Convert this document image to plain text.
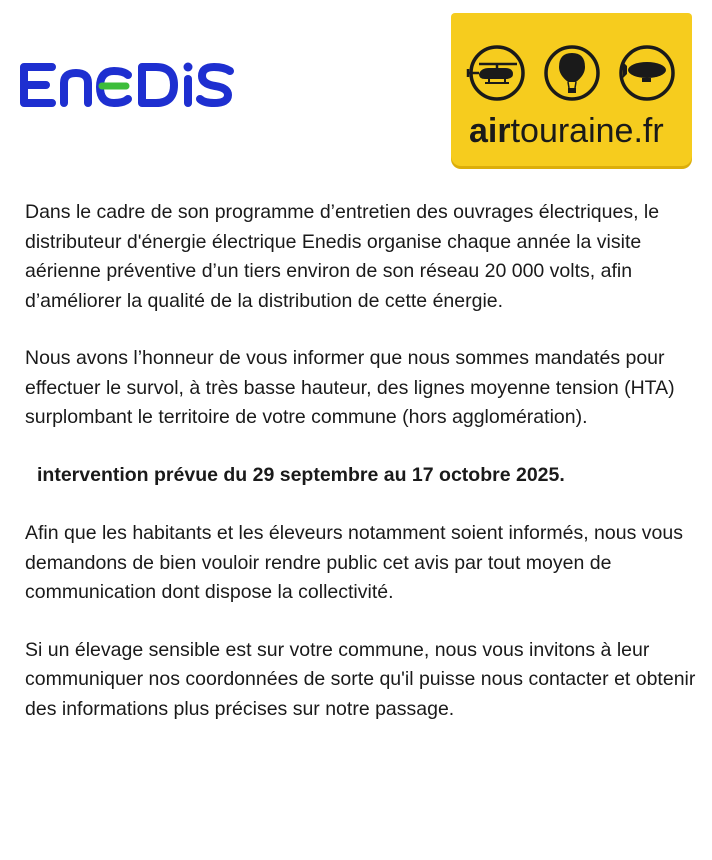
airtouraine.fr

Dans le cadre de son programme d’entretien des ouvrages électriques, le distributeur d'énergie électrique Enedis organise chaque année la visite aérienne préventive d’un tiers environ de son réseau 20 000 volts, afin d’améliorer la qualité de la distribution de cette énergie.

Nous avons l’honneur de vous informer que nous sommes mandatés pour effectuer le survol, à très basse hauteur, des lignes moyenne tension (HTA) surplombant le territoire de votre commune (hors agglomération).

intervention prévue du 29 septembre au 17 octobre 2025.

Afin que les habitants et les éleveurs notamment soient informés, nous vous demandons de bien vouloir rendre public cet avis par tout moyen de communication dont dispose la collectivité.

Si un élevage sensible est sur votre commune, nous vous invitons à leur communiquer nos coordonnées de sorte qu'il puisse nous contacter et obtenir des informations plus précises sur notre passage.
